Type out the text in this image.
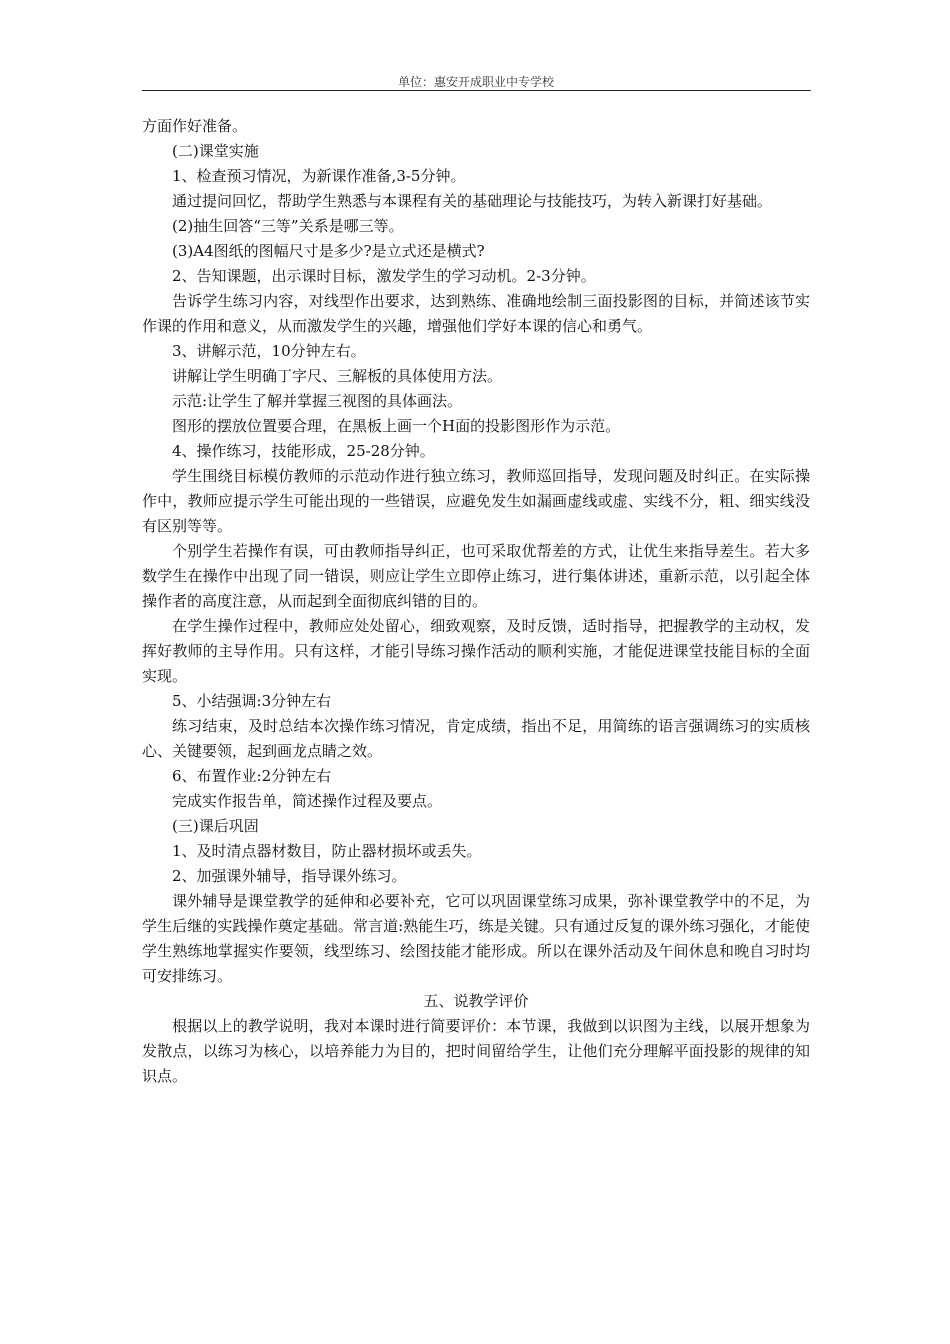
单位：惠安开成职业中专学校	.

方面作好准备。

(二)课堂实施

1、检查预习情况，为新课作准备,3-5分钟。

通过提问回忆，帮助学生熟悉与本课程有关的基础理论与技能技巧，为转入新课打好基础。

(2)抽生回答“三等”关系是哪三等。

(3)A4图纸的图幅尺寸是多少?是立式还是横式?

2、告知课题，出示课时目标，激发学生的学习动机。2-3分钟。

告诉学生练习内容，对线型作出要求，达到熟练、准确地绘制三面投影图的目标，并简述该节实作课的作用和意义，从而激发学生的兴趣，增强他们学好本课的信心和勇气。

3、讲解示范，10分钟左右。

讲解让学生明确丁字尺、三解板的具体使用方法。

示范:让学生了解并掌握三视图的具体画法。

图形的摆放位置要合理，在黑板上画一个H面的投影图形作为示范。

4、操作练习，技能形成，25-28分钟。

学生围绕目标模仿教师的示范动作进行独立练习，教师巡回指导，发现问题及时纠正。在实际操作中，教师应提示学生可能出现的一些错误，应避免发生如漏画虚线或虚、实线不分，粗、细实线没有区别等等。

个别学生若操作有误，可由教师指导纠正，也可采取优帮差的方式，让优生来指导差生。若大多数学生在操作中出现了同一错误，则应让学生立即停止练习，进行集体讲述，重新示范，以引起全体操作者的高度注意，从而起到全面彻底纠错的目的。

在学生操作过程中，教师应处处留心，细致观察，及时反馈，适时指导，把握教学的主动权，发挥好教师的主导作用。只有这样，才能引导练习操作活动的顺利实施，才能促进课堂技能目标的全面实现。

5、小结强调:3分钟左右

练习结束，及时总结本次操作练习情况，肯定成绩，指出不足，用简练的语言强调练习的实质核心、关键要领，起到画龙点睛之效。

6、布置作业:2分钟左右

完成实作报告单，简述操作过程及要点。

(三)课后巩固

1、及时清点器材数目，防止器材损坏或丢失。

2、加强课外辅导，指导课外练习。

课外辅导是课堂教学的延伸和必要补充，它可以巩固课堂练习成果，弥补课堂教学中的不足，为学生后继的实践操作奠定基础。常言道:熟能生巧，练是关键。只有通过反复的课外练习强化，才能使学生熟练地掌握实作要领，线型练习、绘图技能才能形成。所以在课外活动及午间休息和晚自习时均可安排练习。

五、说教学评价

根据以上的教学说明，我对本课时进行简要评价：本节课，我做到以识图为主线，以展开想象为发散点，以练习为核心，以培养能力为目的，把时间留给学生，让他们充分理解平面投影的规律的知识点。
